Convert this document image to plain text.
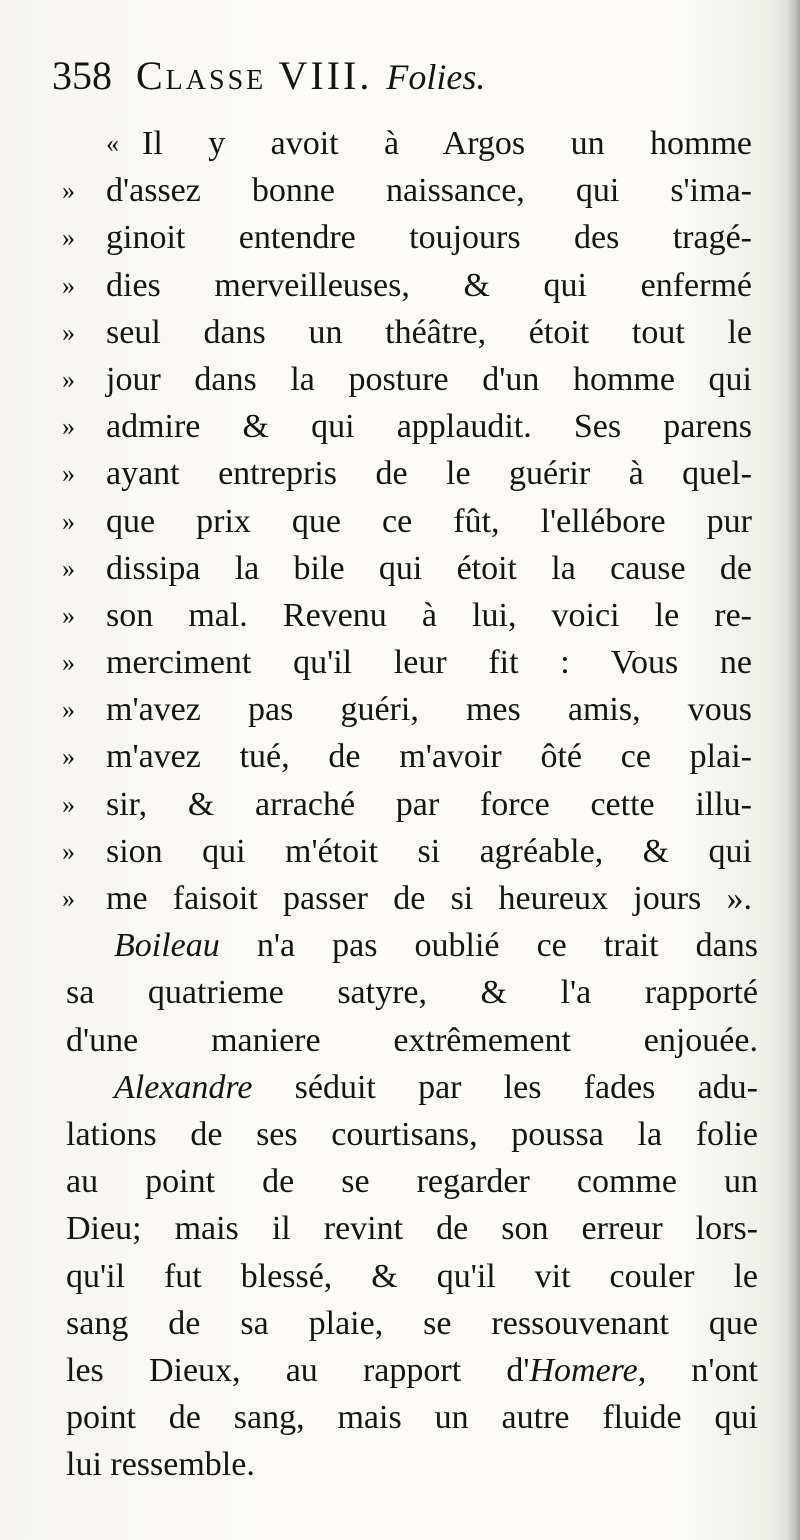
358 Classe VIII. Folies.
« Il y avoit à Argos un homme
» d'assez bonne naissance, qui s'ima-
» ginoit entendre toujours des tragé-
» dies merveilleuses, & qui enfermé
» seul dans un théâtre, étoit tout le
» jour dans la posture d'un homme qui
» admire & qui applaudit. Ses parens
» ayant entrepris de le guérir à quel-
» que prix que ce fût, l'ellébore pur
» dissipa la bile qui étoit la cause de
» son mal. Revenu à lui, voici le re-
» merciment qu'il leur fit : Vous ne
» m'avez pas guéri, mes amis, vous
» m'avez tué, de m'avoir ôté ce plai-
» sir, & arraché par force cette illu-
» sion qui m'étoit si agréable, & qui
» me faisoit passer de si heureux jours ».
Boileau n'a pas oublié ce trait dans
sa quatrieme satyre, & l'a rapporté
d'une maniere extrêmement enjouée.
Alexandre séduit par les fades adu-
lations de ses courtisans, poussa la folie
au point de se regarder comme un
Dieu; mais il revint de son erreur lors-
qu'il fut blessé, & qu'il vit couler le
sang de sa plaie, se ressouvenant que
les Dieux, au rapport d'Homere, n'ont
point de sang, mais un autre fluide qui
lui ressemble.
